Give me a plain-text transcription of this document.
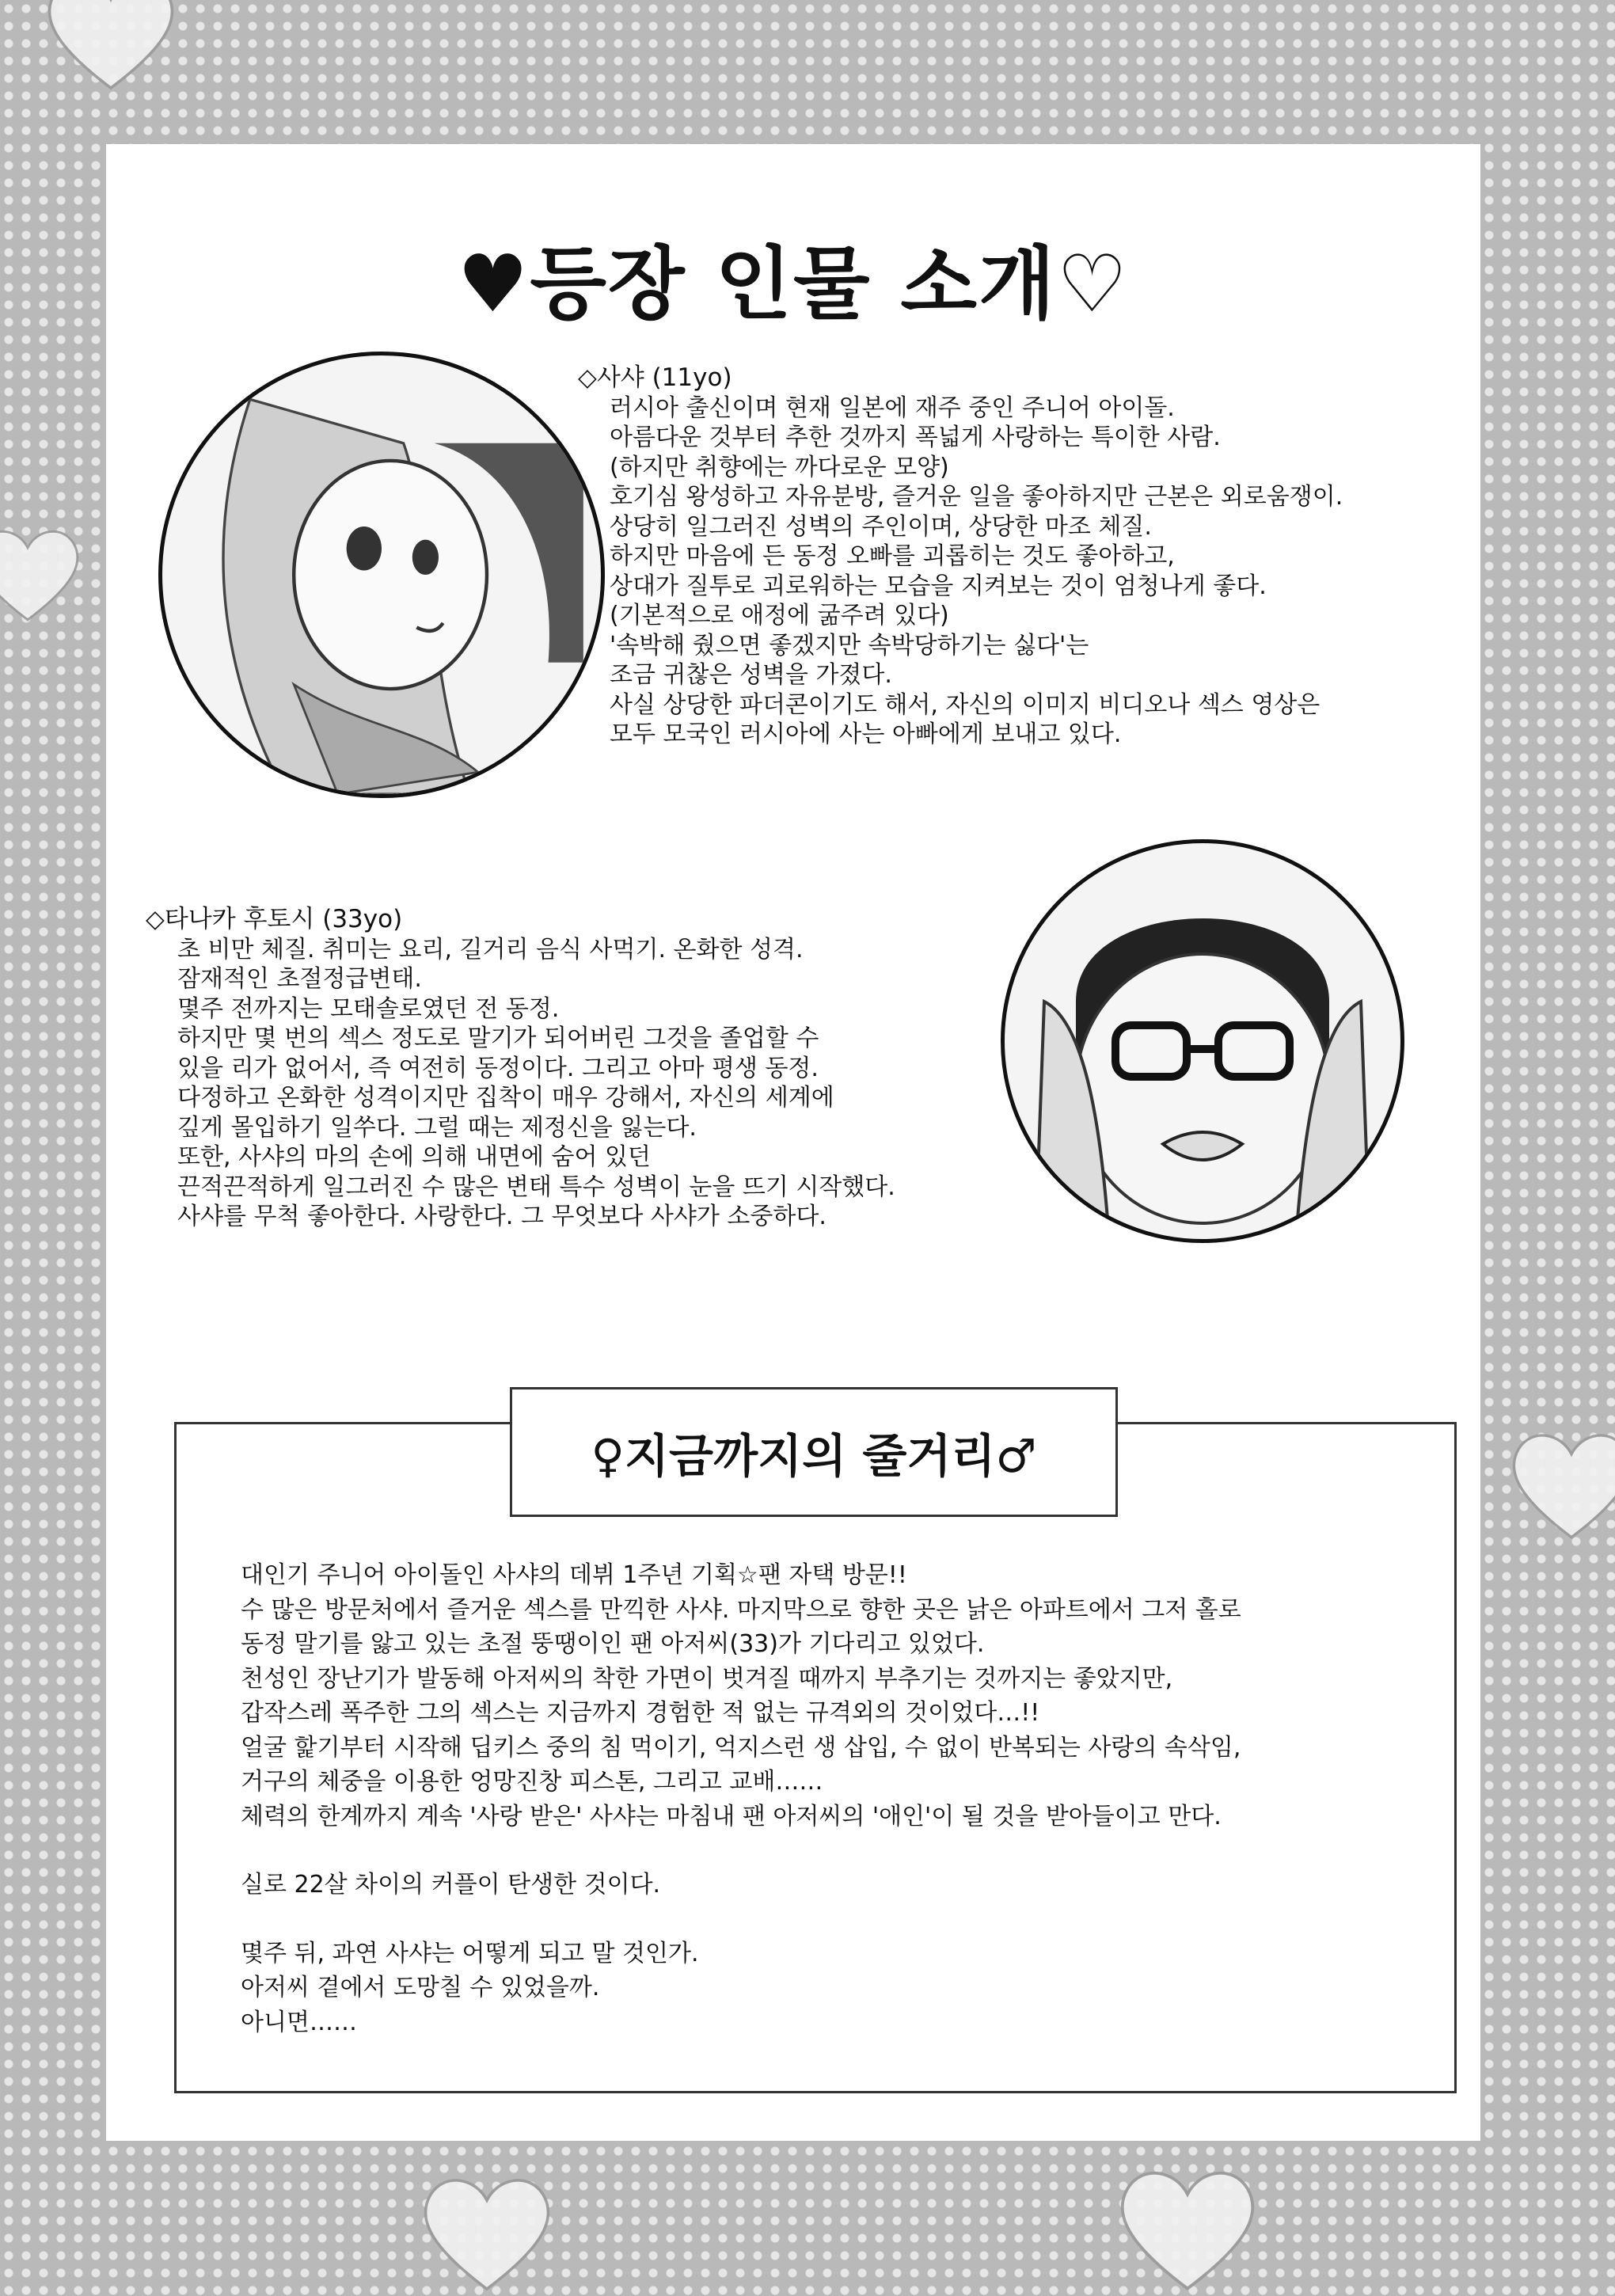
♥등장 인물 소개♡

◇사샤 (11yo)

러시아 출신이며 현재 일본에 재주 중인 주니어 아이돌.
아름다운 것부터 추한 것까지 폭넓게 사랑하는 특이한 사람.
(하지만 취향에는 까다로운 모양)
호기심 왕성하고 자유분방, 즐거운 일을 좋아하지만 근본은 외로움쟁이.
상당히 일그러진 성벽의 주인이며, 상당한 마조 체질.
하지만 마음에 든 동정 오빠를 괴롭히는 것도 좋아하고,
상대가 질투로 괴로워하는 모습을 지켜보는 것이 엄청나게 좋다.
(기본적으로 애정에 굶주려 있다)
'속박해 줬으면 좋겠지만 속박당하기는 싫다'는
조금 귀찮은 성벽을 가졌다.
사실 상당한 파더콘이기도 해서, 자신의 이미지 비디오나 섹스 영상은
모두 모국인 러시아에 사는 아빠에게 보내고 있다.

◇타나카 후토시 (33yo)

초 비만 체질. 취미는 요리, 길거리 음식 사먹기. 온화한 성격.
잠재적인 초절정급변태.
몇주 전까지는 모태솔로였던 전 동정.
하지만 몇 번의 섹스 정도로 말기가 되어버린 그것을 졸업할 수
있을 리가 없어서, 즉 여전히 동정이다. 그리고 아마 평생 동정.
다정하고 온화한 성격이지만 집착이 매우 강해서, 자신의 세계에
깊게 몰입하기 일쑤다. 그럴 때는 제정신을 잃는다.
또한, 사샤의 마의 손에 의해 내면에 숨어 있던
끈적끈적하게 일그러진 수 많은 변태 특수 성벽이 눈을 뜨기 시작했다.
사샤를 무척 좋아한다. 사랑한다. 그 무엇보다 사샤가 소중하다.
♀지금까지의 줄거리♂
대인기 주니어 아이돌인 사샤의 데뷔 1주년 기획☆팬 자택 방문!!
수 많은 방문처에서 즐거운 섹스를 만끽한 사샤. 마지막으로 향한 곳은 낡은 아파트에서 그저 홀로
동정 말기를 앓고 있는 초절 뚱땡이인 팬 아저씨(33)가 기다리고 있었다.
천성인 장난기가 발동해 아저씨의 착한 가면이 벗겨질 때까지 부추기는 것까지는 좋았지만,
갑작스레 폭주한 그의 섹스는 지금까지 경험한 적 없는 규격외의 것이었다…!!
얼굴 핥기부터 시작해 딥키스 중의 침 먹이기, 억지스런 생 삽입, 수 없이 반복되는 사랑의 속삭임,
거구의 체중을 이용한 엉망진창 피스톤, 그리고 교배……
체력의 한계까지 계속 '사랑 받은' 사샤는 마침내 팬 아저씨의 '애인'이 될 것을 받아들이고 만다.
실로 22살 차이의 커플이 탄생한 것이다.
몇주 뒤, 과연 사샤는 어떻게 되고 말 것인가.
아저씨 곁에서 도망칠 수 있었을까.
아니면……
